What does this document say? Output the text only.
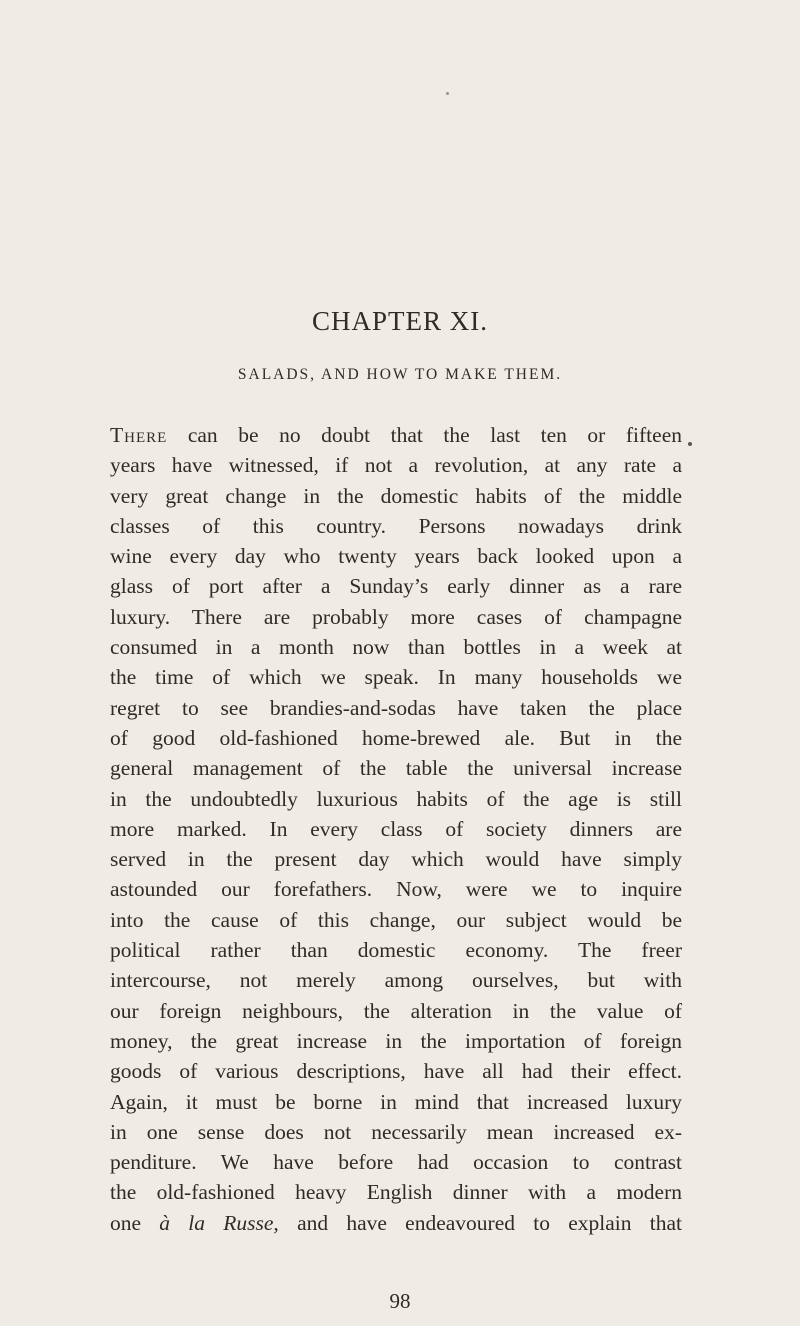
CHAPTER XI.
SALADS, AND HOW TO MAKE THEM.
There can be no doubt that the last ten or fifteen
years have witnessed, if not a revolution, at any rate a
very great change in the domestic habits of the middle
classes of this country. Persons nowadays drink
wine every day who twenty years back looked upon a
glass of port after a Sunday’s early dinner as a rare
luxury. There are probably more cases of champagne
consumed in a month now than bottles in a week at
the time of which we speak. In many households we
regret to see brandies-and-sodas have taken the place
of good old-fashioned home-brewed ale. But in the
general management of the table the universal increase
in the undoubtedly luxurious habits of the age is still
more marked. In every class of society dinners are
served in the present day which would have simply
astounded our forefathers. Now, were we to inquire
into the cause of this change, our subject would be
political rather than domestic economy. The freer
intercourse, not merely among ourselves, but with
our foreign neighbours, the alteration in the value of
money, the great increase in the importation of foreign
goods of various descriptions, have all had their effect.
Again, it must be borne in mind that increased luxury
in one sense does not necessarily mean increased ex-
penditure. We have before had occasion to contrast
the old-fashioned heavy English dinner with a modern
one à la Russe, and have endeavoured to explain that
98
